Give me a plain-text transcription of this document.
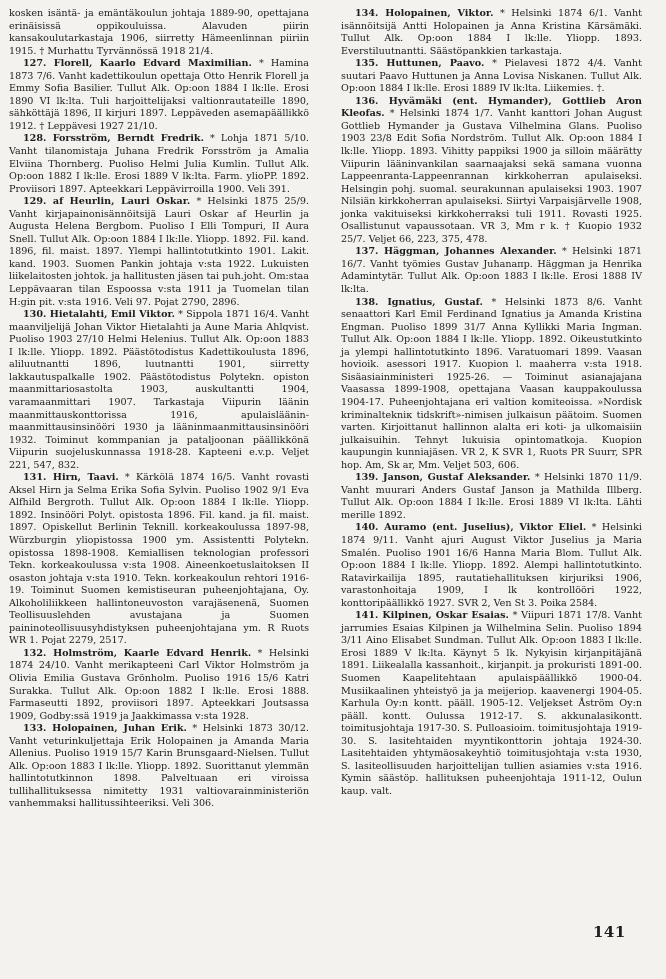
kosken isäntä- ja emäntäkoulun johtaja 1889-90, opettajana erinäisissä oppikouluissa. Alavuden piirin kansakoulutarkastaja 1906, siirretty Hämeenlinnan piiriin 1915. † Murhattu Tyrvännössä 1918 21/4.

127. Florell, Kaarlo Edvard Maximilian. * Hamina 1873 7/6. Vanht kadettikoulun opettaja Otto Henrik Florell ja Emmy Sofia Basilier. Tullut Alk. Op:oon 1884 I lk:lle. Erosi 1890 VI lk:lta. Tuli harjoittelijaksi valtionrautateille 1890, sähköttäjä 1896, II kirjuri 1897. Leppäveden asemapäällikkö 1912. † Leppävesi 1927 21/10.

128. Forsström, Berndt Fredrik. * Lohja 1871 5/10. Vanht tilanomistaja Juhana Fredrik Forsström ja Amalia Elviina Thornberg. Puoliso Helmi Julia Kumlin. Tullut Alk. Op:oon 1882 I lk:lle. Erosi 1889 V lk:lta. Farm. ylioPP. 1892. Proviisori 1897. Apteekkari Leppävirroilla 1900. Veli 391.

129. af Heurlin, Lauri Oskar. * Helsinki 1875 25/9. Vanht kirjapainonisännöitsijä Lauri Oskar af Heurlin ja Augusta Helena Bergbom. Puoliso I Elli Tompuri, II Aura Snell. Tullut Alk. Op:oon 1884 I lk:lle. Ylioрр. 1892. Fil. kand. 1896, fil. maist. 1897. Ylempi hallintotutkinto 1901. Lakit. kand. 1903. Suomen Pankin johtaja v:sta 1922. Lukuisten liikelaitosten johtok. ja hallitusten jäsen tai puh.joht. Om:staa Leppävaaran tilan Espoossa v:sta 1911 ja Tuomelan tilan H:gin pit. v:sta 1916. Veli 97. Pojat 2790, 2896.

130. Hietalahti, Emil Viktor. * Sippola 1871 16/4. Vanht maanviljelijä Johan Viktor Hietalahti ja Aune Maria Ahlqvist. Puoliso 1903 27/10 Helmi Helenius. Tullut Alk. Op:oon 1883 I lk:lle. Ylioрр. 1892. Päästötodistus Kadettikoulusta 1896, aliluutnantti 1896, luutnantti 1901, siirretty lakkautuspalkalle 1902. Päästötodistus Polytekn. opiston maanmittariosastolta 1903, auskultantti 1904, varamaanmittari 1907. Tarkastaja Viipurin läänin maanmittauskonttorissa 1916, apulaislääninmaanmittausinsinööri 1930 ja lääninmaanmittausinsinööri 1932. Toiminut kommpanian ja pataljoonan päällikkönä Viipurin suojeluskunnassa 1918-28. Kapteeni e.v.p. Veljet 221, 547, 832.

131. Hirn, Taavi. * Kärkölä 1874 16/5. Vanht rovasti Aksel Hirn ja Selma Erika Sofia Sylvin. Puoliso 1902 9/1 Eva Alfhild Bergroth. Tullut Alk. Op:oon 1884 I lk:lle. Ylioрр. 1892. Insinööri Polyt. opistosta 1896. Fil. kand. ja fil. maist. 1897. Opiskellut Berlinin Teknill. korkeakoulussa 1897-98, Würzburgin yliopistossa 1900 ym. Assistentti Polytekn. opistossa 1898-1908. Kemiallisen teknologian professori Tekn. korkeakoulussa v:sta 1908. Aineenkoetuslaitoksen II osaston johtaja v:sta 1910. Tekn. korkeakoulun rehtori 1916-19. Toiminut Suomen kemistiseuran puheenjohtajana, Oy. Alkoholiliikkeen hallintoneuvoston varajäsenenä, Suomen Teollisuuslehden avustajana ja Suomen paininoteollisuusyhdistyksen puheenjohtajana ym. R Ruots WR 1. Pojat 2279, 2517.

132. Holmström, Kaarle Edvard Henrik. * Helsinki 1874 24/10. Vanht merikapteeni Carl Viktor Holmström ja Olivia Emilia Gustava Grönholm. Puoliso 1916 15/6 Katri Surakka. Tullut Alk. Op:oon 1882 I lk:lle. Erosi 1888. Farmaseutti 1892, proviisori 1897. Apteekkari Joutsassa 1909, Godby:ssä 1919 ja Jaakkimassa v:sta 1928.

133. Holopainen, Juhan Erik. * Helsinki 1873 30/12. Vanht veturinkuljettaja Erik Holopainen ja Amanda Maria Allenius. Puoliso 1919 15/7 Karin Brunsgaard-Nielsen. Tullut Alk. Op:oon 1883 I lk:lle. Ylioрр. 1892. Suorittanut ylemmän hallintotutkinnon 1898. Palveltuaan eri viroissa tullihallituksessa nimitetty 1931 valtiovarainministeriön vanhemmaksi hallitussihteeriksi. Veli 306.

134. Holopainen, Viktor. * Helsinki 1874 6/1. Vanht isännöitsijä Antti Holopainen ja Anna Kristina Kärsämäki. Tullut Alk. Op:oon 1884 I lk:lle. Ylioрр. 1893. Everstiluutnantti. Säästöpankkien tarkastaja.

135. Huttunen, Paavo. * Pielavesi 1872 4/4. Vanht suutari Paavo Huttunen ja Anna Lovisa Niskanen. Tullut Alk. Op:oon 1884 I lk:lle. Erosi 1889 IV lk:lta. Liikemies. †.

136. Hyvämäki (ent. Hymander), Gottlieb Aron Kleofas. * Helsinki 1874 1/7. Vanht kanttori Johan August Gottlieb Hymander ja Gustava Vilhelmina Glans. Puoliso 1903 23/8 Edit Sofia Nordström. Tullut Alk. Op:oon 1884 I lk:lle. Ylioрр. 1893. Vihitty pappiksi 1900 ja silloin määrätty Viipurin lääninvankilan saarnaajaksi sekä samana vuonna Lappeenranta-Lappeenrannan kirkkoherran apulaiseksi. Helsingin pohj. suomal. seurakunnan apulaiseksi 1903. 1907 Nilsiän kirkkoherran apulaiseksi. Siirtyi Varpaisjärvelle 1908, jonka vakituiseksi kirkkoherraksi tuli 1911. Rovasti 1925. Osallistunut vapaussotaan. VR 3, Mm r k. † Kuopio 1932 25/7. Veljet 66, 223, 375, 478.

137. Häggman, Johannes Alexander. * Helsinki 1871 16/7. Vanht työmies Gustav Juhanaпр. Häggman ja Henrika Adamintytär. Tullut Alk. Op:oon 1883 I lk:lle. Erosi 1888 IV lk:lta.

138. Ignatius, Gustaf. * Helsinki 1873 8/6. Vanht senaattori Karl Emil Ferdinand Ignatius ja Amanda Kristina Engman. Puoliso 1899 31/7 Anna Kyllikki Maria Ingman. Tullut Alk. Op:oon 1884 I lk:lle. Ylioрр. 1892. Oikeustutkinto ja ylempi hallintotutkinto 1896. Varatuomari 1899. Vaasan hovioik. asessori 1917. Kuopion l. maaherra v:sta 1918. Sisäasiainministeri 1925-26. — Toiminut asianajajana Vaasassa 1899-1908, opettajana Vaasan kauppakoulussa 1904-17. Puheenjohtajana eri valtion komiteoissa. »Nordisk kriminaltekniк tidskrift»-nimisen julkaisun päätoim. Suomen varten. Kirjoittanut hallinnon alalta eri koti- ja ulkomaisiin julkaisuihin. Tehnyt lukuisia opintomatkoja. Kuopion kaupungin kunniajäsen. VR 2, K SVR 1, Ruots PR Suurr, SPR hop. Am, Sk ar, Mm. Veljet 503, 606.

139. Janson, Gustaf Aleksander. * Helsinki 1870 11/9. Vanht muurari Anders Gustaf Janson ja Mathilda Illberg. Tullut Alk. Op:oon 1884 I lk:lle. Erosi 1889 VI lk:lta. Lähti merille 1892.

140. Auramo (ent. Juselius), Viktor Eliel. * Helsinki 1874 9/11. Vanht ajuri August Viktor Juselius ja Maria Smalén. Puoliso 1901 16/6 Hanna Maria Blom. Tullut Alk. Op:oon 1884 I lk:lle. Ylioрр. 1892. Alempi hallintotutkinto. Ratavirkailija 1895, rautatiehallituksen kirjuriksi 1906, varastonhoitaja 1909, I lk kontrollööri 1922, konttoripäällikkö 1927. SVR 2, Ven St 3. Poika 2584.

141. Kilpinen, Oskar Esaias. * Viipuri 1871 17/8. Vanht jarrumies Esaias Kilpinen ja Wilhelmina Selin. Puoliso 1894 3/11 Aino Elisabet Sundman. Tullut Alk. Op:oon 1883 I lk:lle. Erosi 1889 V lk:lta. Käynyt 5 lk. Nykyisin kirjanpitäjänä 1891. Liikealalla kassanhoit., kirjanpit. ja prokuristi 1891-00. Suomen Kaapelitehtaan apulaispäällikkö 1900-04. Musiikaalinen yhteistyö ja ja meijeriop. kaavenergi 1904-05. Karhula Oy:n kontt. pääll. 1905-12. Veljekset Åström Oy:n pääll. kontt. Oulussa 1912-17. S. akkunalasikontt. toimitusjohtaja 1917-30. S. Pulloasioim. toimitusjohtaja 1919-30. S. lasitehtaiden myyntikonttorin johtaja 1924-30. Lasitehtaiden yhtymäosakeyhtiö toimitusjohtaja v:sta 1930, S. lasiteollisuuden harjoittelijan tullien asiamies v:sta 1916. Kymin säästöp. hallituksen puheenjohtaja 1911-12, Oulun kaup. valt.

141
